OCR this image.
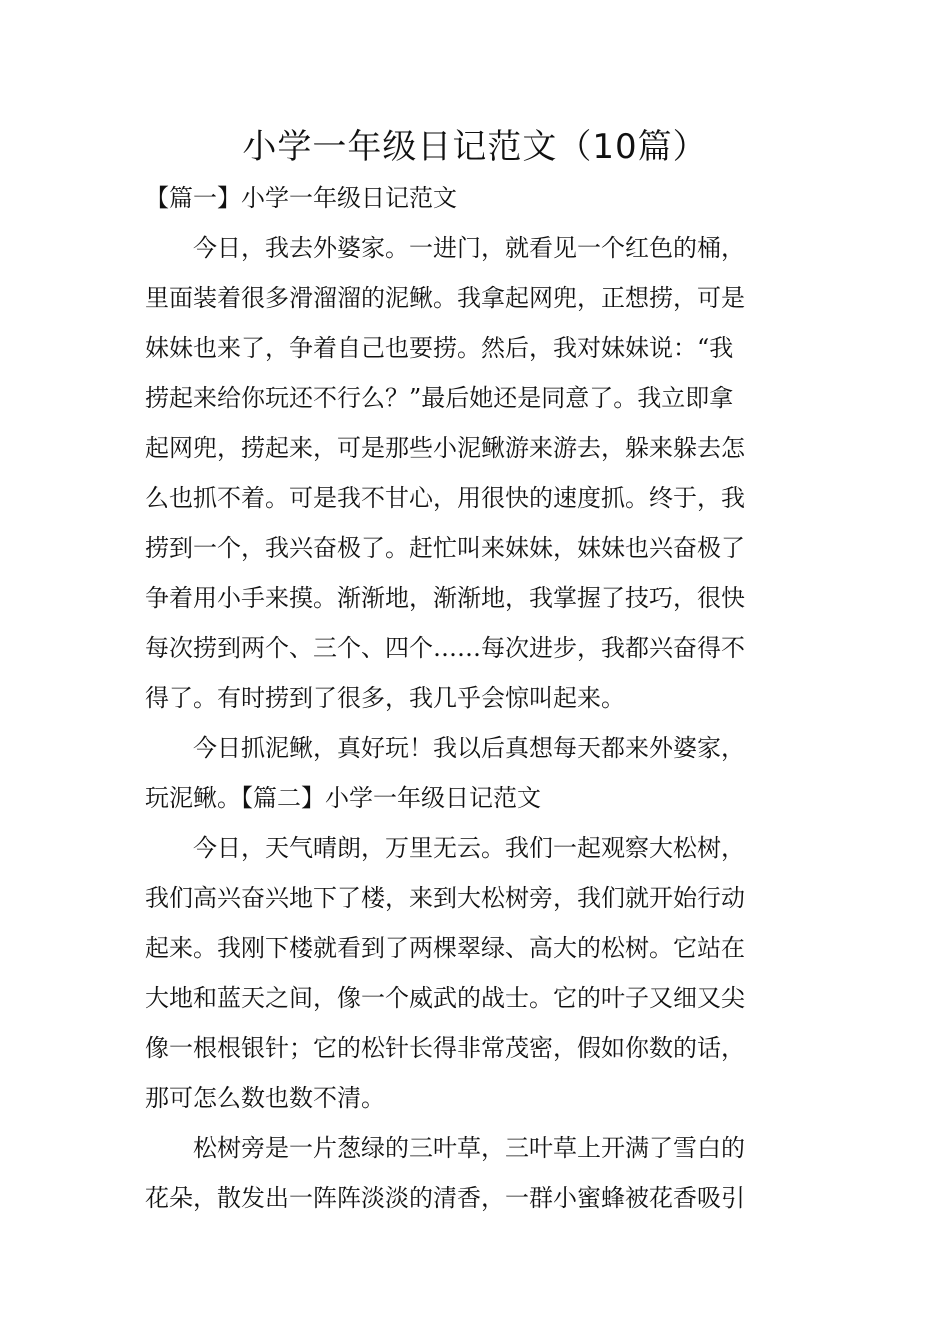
小学一年级日记范文（10篇）
【篇一】小学一年级日记范文
今日，我去外婆家。一进门，就看见一个红色的桶，
里面装着很多滑溜溜的泥鳅。我拿起网兜，正想捞，可是
妹妹也来了，争着自己也要捞。然后，我对妹妹说：“我
捞起来给你玩还不行么？”最后她还是同意了。我立即拿
起网兜，捞起来，可是那些小泥鳅游来游去，躲来躲去怎
么也抓不着。可是我不甘心，用很快的速度抓。终于，我
捞到一个，我兴奋极了。赶忙叫来妹妹，妹妹也兴奋极了
争着用小手来摸。渐渐地，渐渐地，我掌握了技巧，很快
每次捞到两个、三个、四个……每次进步，我都兴奋得不
得了。有时捞到了很多，我几乎会惊叫起来。
今日抓泥鳅，真好玩！我以后真想每天都来外婆家，
玩泥鳅。【篇二】小学一年级日记范文
今日，天气晴朗，万里无云。我们一起观察大松树，
我们高兴奋兴地下了楼，来到大松树旁，我们就开始行动
起来。我刚下楼就看到了两棵翠绿、高大的松树。它站在
大地和蓝天之间，像一个威武的战士。它的叶子又细又尖
像一根根银针；它的松针长得非常茂密，假如你数的话，
那可怎么数也数不清。
松树旁是一片葱绿的三叶草，三叶草上开满了雪白的
花朵，散发出一阵阵淡淡的清香，一群小蜜蜂被花香吸引
